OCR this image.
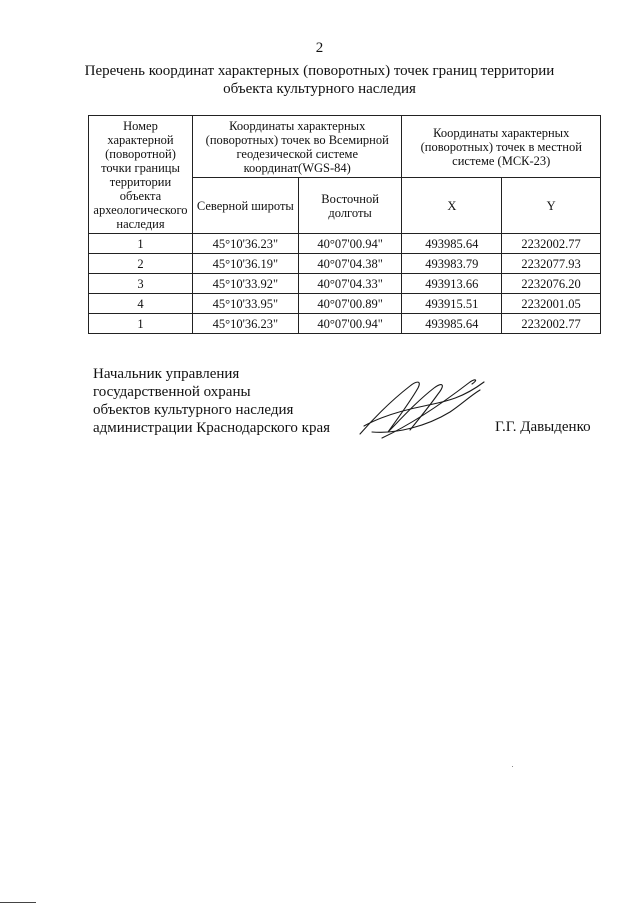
2
Перечень координат характерных (поворотных) точек границ территории
объекта культурного наследия
Номер характерной (поворотной) точки границы территории объекта археологического наследия	Координаты характерных (поворотных) точек во Всемирной геодезической системе координат(WGS-84)		Координаты характерных (поворотных) точек в местной системе (МСК-23)	
	Северной широты	Восточной долготы	X	Y
1	45°10'36.23"	40°07'00.94"	493985.64	2232002.77
2	45°10'36.19"	40°07'04.38"	493983.79	2232077.93
3	45°10'33.92"	40°07'04.33"	493913.66	2232076.20
4	45°10'33.95"	40°07'00.89"	493915.51	2232001.05
1	45°10'36.23"	40°07'00.94"	493985.64	2232002.77
Начальник управления
государственной охраны
объектов культурного наследия
администрации Краснодарского края	Г.Г. Давыденко
